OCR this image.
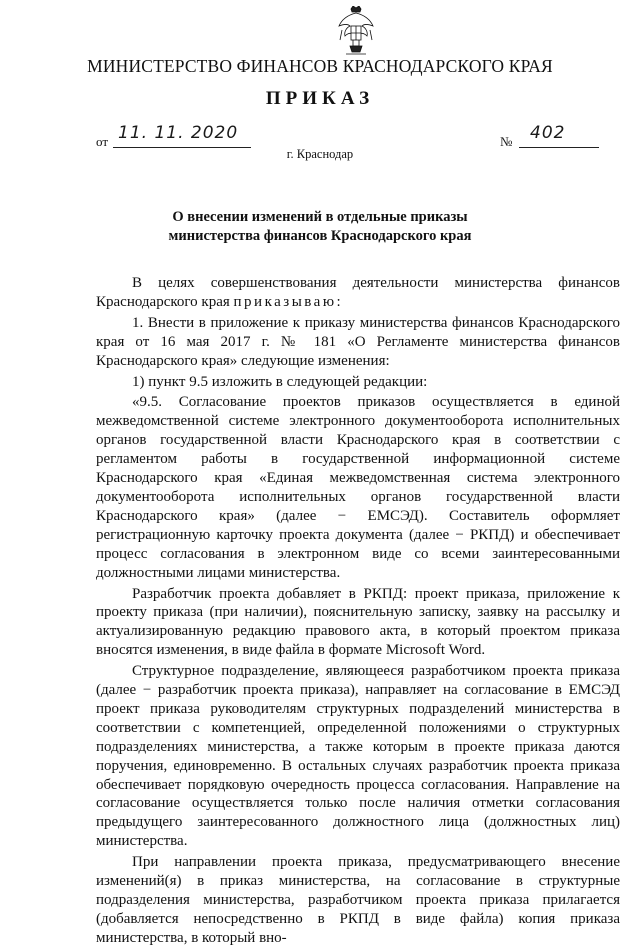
МИНИСТЕРСТВО ФИНАНСОВ КРАСНОДАРСКОГО КРАЯ
ПРИКАЗ
от 11. 11. 2020	№ 402
г. Краснодар
О внесении изменений в отдельные приказы
министерства финансов Краснодарского края

В целях совершенствования деятельности министерства финансов Краснодарского края приказываю:

1. Внести в приложение к приказу министерства финансов Краснодарского края от 16 мая 2017 г. № 181 «О Регламенте министерства финансов Краснодарского края» следующие изменения:

1) пункт 9.5 изложить в следующей редакции:

«9.5. Согласование проектов приказов осуществляется в единой межведомственной системе электронного документооборота исполнительных органов государственной власти Краснодарского края в соответствии с регламентом работы в государственной информационной системе Краснодарского края «Единая межведомственная система электронного документооборота исполнительных органов государственной власти Краснодарского края» (далее − ЕМСЭД). Составитель оформляет регистрационную карточку проекта документа (далее − РКПД) и обеспечивает процесс согласования в электронном виде со всеми заинтересованными должностными лицами министерства.

Разработчик проекта добавляет в РКПД: проект приказа, приложение к проекту приказа (при наличии), пояснительную записку, заявку на рассылку и актуализированную редакцию правового акта, в который проектом приказа вносятся изменения, в виде файла в формате Microsoft Word.

Структурное подразделение, являющееся разработчиком проекта приказа (далее − разработчик проекта приказа), направляет на согласование в ЕМСЭД проект приказа руководителям структурных подразделений министерства в соответствии с компетенцией, определенной положениями о структурных подразделениях министерства, а также которым в проекте приказа даются поручения, единовременно. В остальных случаях разработчик проекта приказа обеспечивает порядковую очередность процесса согласования. Направление на согласование осуществляется только после наличия отметки согласования предыдущего заинтересованного должностного лица (должностных лиц) министерства.

При направлении проекта приказа, предусматривающего внесение изменений(я) в приказ министерства, на согласование в структурные подразделения министерства, разработчиком проекта приказа прилагается (добавляется непосредственно в РКПД в виде файла) копия приказа министерства, в который вно-
